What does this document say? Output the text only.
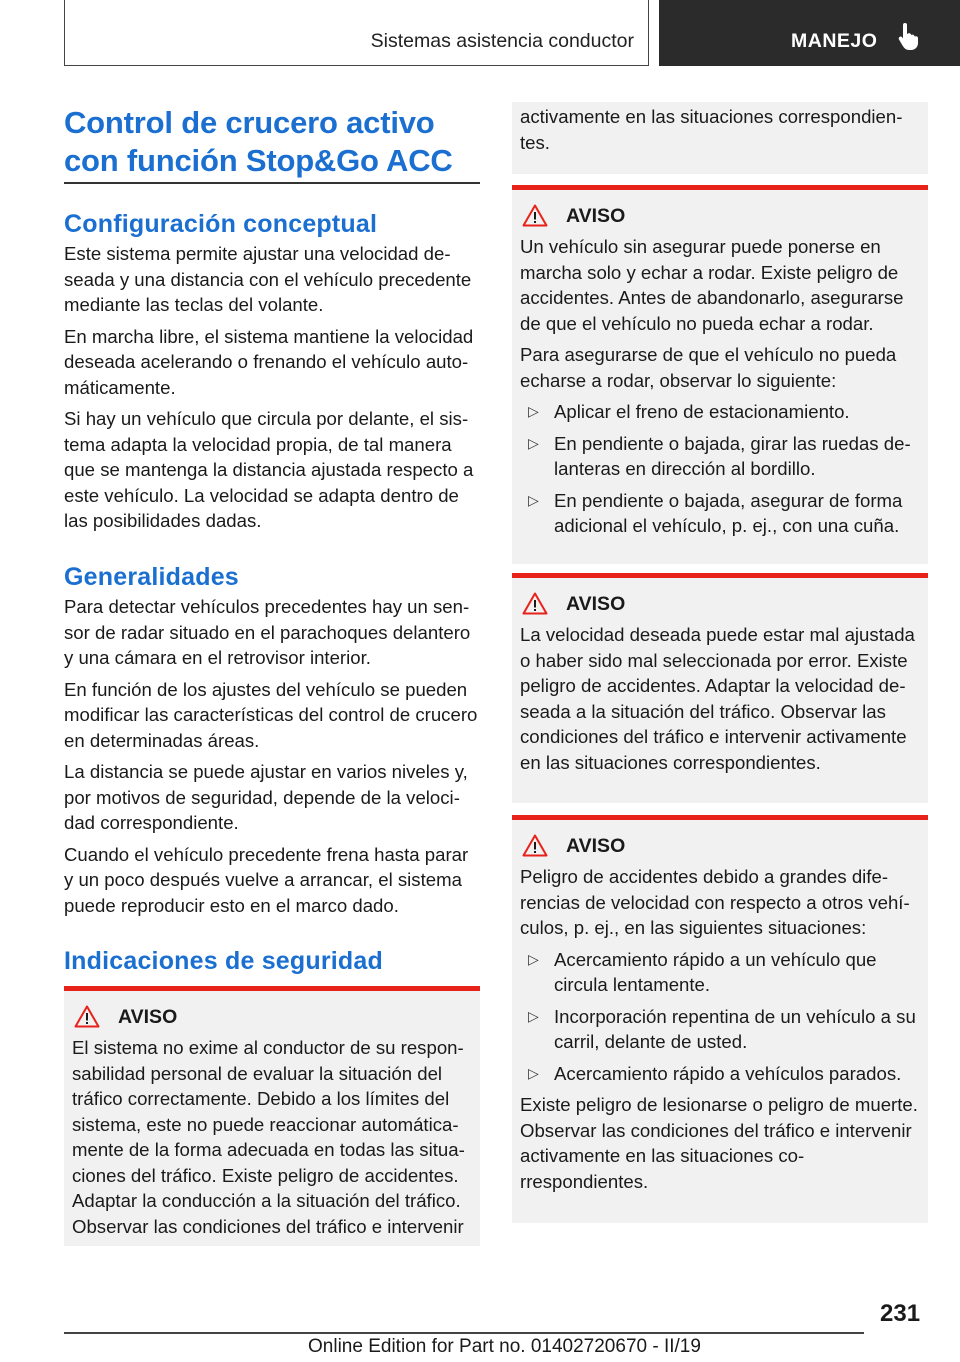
Sistemas asistencia conductor	MANEJO
Control de crucero activo con función Stop&Go ACC
Configuración conceptual
Este sistema permite ajustar una velocidad deseada y una distancia con el vehículo precedente mediante las teclas del volante.
En marcha libre, el sistema mantiene la velocidad deseada acelerando o frenando el vehículo automáticamente.
Si hay un vehículo que circula por delante, el sistema adapta la velocidad propia, de tal manera que se mantenga la distancia ajustada respecto a este vehículo. La velocidad se adapta dentro de las posibilidades dadas.
Generalidades
Para detectar vehículos precedentes hay un sensor de radar situado en el parachoques delantero y una cámara en el retrovisor interior.
En función de los ajustes del vehículo se pueden modificar las características del control de crucero en determinadas áreas.
La distancia se puede ajustar en varios niveles y, por motivos de seguridad, depende de la velocidad correspondiente.
Cuando el vehículo precedente frena hasta parar y un poco después vuelve a arrancar, el sistema puede reproducir esto en el marco dado.
Indicaciones de seguridad
AVISO
El sistema no exime al conductor de su responsabilidad personal de evaluar la situación del tráfico correctamente. Debido a los límites del sistema, este no puede reaccionar automáticamente de la forma adecuada en todas las situaciones del tráfico. Existe peligro de accidentes. Adaptar la conducción a la situación del tráfico. Observar las condiciones del tráfico e intervenir
activamente en las situaciones correspondientes.
AVISO
Un vehículo sin asegurar puede ponerse en marcha solo y echar a rodar. Existe peligro de accidentes. Antes de abandonarlo, asegurarse de que el vehículo no pueda echar a rodar.
Para asegurarse de que el vehículo no pueda echarse a rodar, observar lo siguiente:
▷ Aplicar el freno de estacionamiento.
▷ En pendiente o bajada, girar las ruedas delanteras en dirección al bordillo.
▷ En pendiente o bajada, asegurar de forma adicional el vehículo, p. ej., con una cuña.
AVISO
La velocidad deseada puede estar mal ajustada o haber sido mal seleccionada por error. Existe peligro de accidentes. Adaptar la velocidad deseada a la situación del tráfico. Observar las condiciones del tráfico e intervenir activamente en las situaciones correspondientes.
AVISO
Peligro de accidentes debido a grandes diferencias de velocidad con respecto a otros vehículos, p. ej., en las siguientes situaciones:
▷ Acercamiento rápido a un vehículo que circula lentamente.
▷ Incorporación repentina de un vehículo a su carril, delante de usted.
▷ Acercamiento rápido a vehículos parados.
Existe peligro de lesionarse o peligro de muerte. Observar las condiciones del tráfico e intervenir activamente en las situaciones correspondientes.
231
Online Edition for Part no. 01402720670 - II/19
